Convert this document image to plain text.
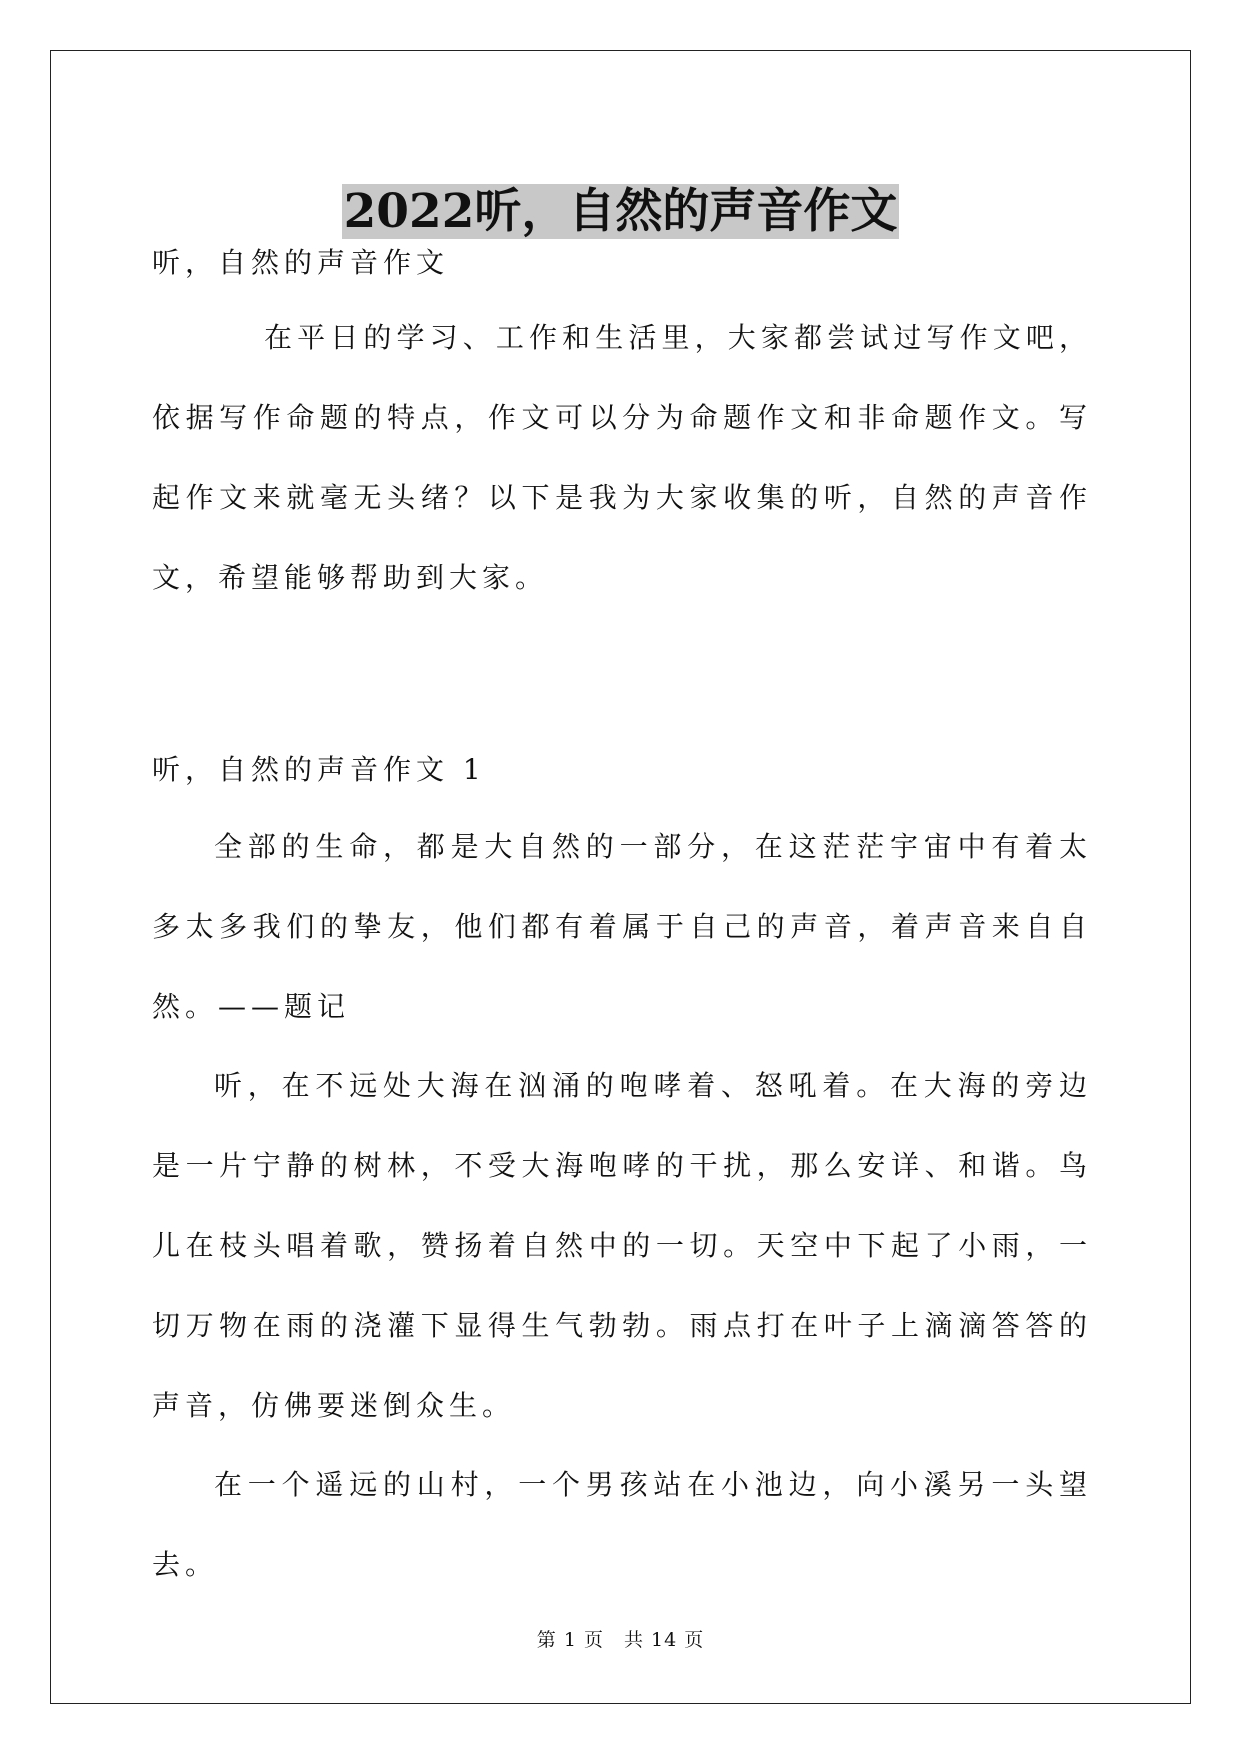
2022听，自然的声音作文

听，自然的声音作文

在平日的学习、工作和生活里，大家都尝试过写作文吧，依据写作命题的特点，作文可以分为命题作文和非命题作文。写起作文来就毫无头绪？以下是我为大家收集的听，自然的声音作文，希望能够帮助到大家。

听，自然的声音作文 1

全部的生命，都是大自然的一部分，在这茫茫宇宙中有着太多太多我们的挚友，他们都有着属于自己的声音，着声音来自自然。——题记

听，在不远处大海在汹涌的咆哮着、怒吼着。在大海的旁边是一片宁静的树林，不受大海咆哮的干扰，那么安详、和谐。鸟儿在枝头唱着歌，赞扬着自然中的一切。天空中下起了小雨，一切万物在雨的浇灌下显得生气勃勃。雨点打在叶子上滴滴答答的声音，仿佛要迷倒众生。

在一个遥远的山村，一个男孩站在小池边，向小溪另一头望去。

第 1 页　共 14 页
